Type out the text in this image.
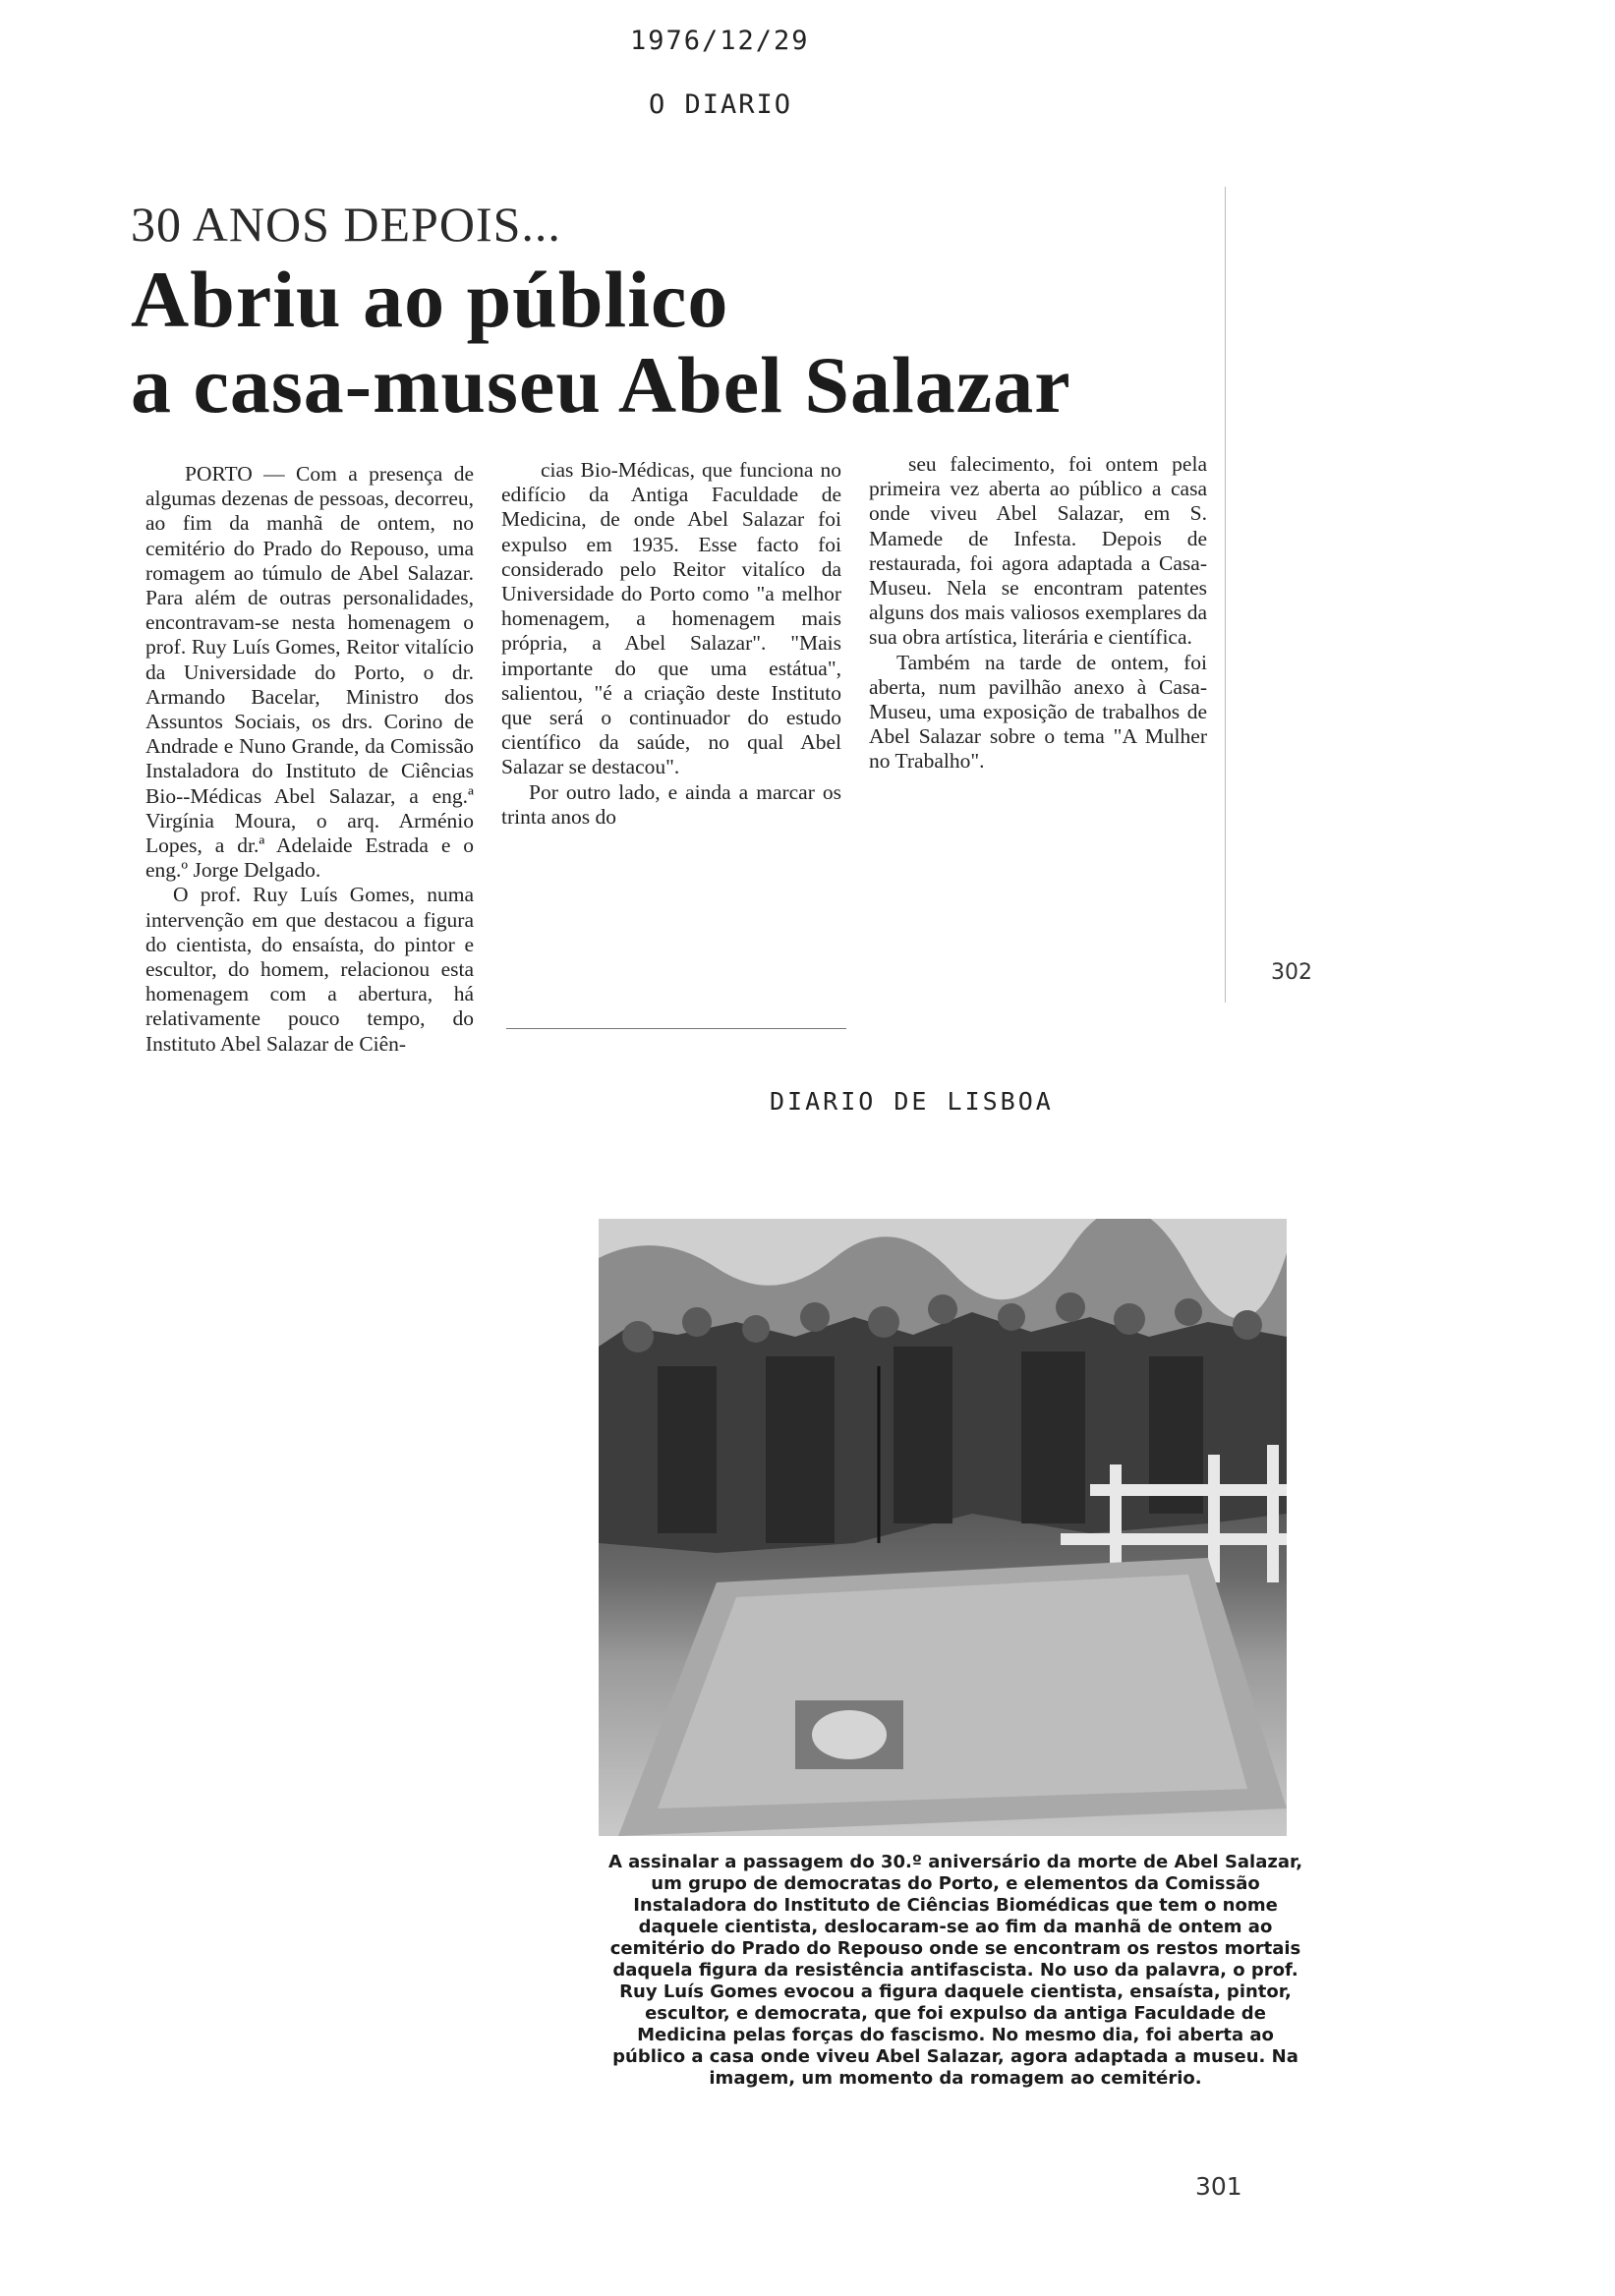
1976/12/29
O DIARIO
30 ANOS DEPOIS...
Abriu ao público
a casa-museu Abel Salazar

PORTO — Com a presença de algumas dezenas de pessoas, decorreu, ao fim da manhã de ontem, no cemitério do Prado do Repouso, uma romagem ao túmulo de Abel Salazar. Para além de outras personalidades, encontravam-se nesta homenagem o prof. Ruy Luís Gomes, Reitor vitalício da Universidade do Porto, o dr. Armando Bacelar, Ministro dos Assuntos Sociais, os drs. Corino de Andrade e Nuno Grande, da Comissão Instaladora do Instituto de Ciências Bio--Médicas Abel Salazar, a eng.ª Virgínia Moura, o arq. Arménio Lopes, a dr.ª Adelaide Estrada e o eng.º Jorge Delgado.

O prof. Ruy Luís Gomes, numa intervenção em que destacou a figura do cientista, do ensaísta, do pintor e escultor, do homem, relacionou esta homenagem com a abertura, há relativamente pouco tempo, do Instituto Abel Salazar de Ciên-

cias Bio-Médicas, que funciona no edifício da Antiga Faculdade de Medicina, de onde Abel Salazar foi expulso em 1935. Esse facto foi considerado pelo Reitor vitalíco da Universidade do Porto como "a melhor homenagem, a homenagem mais própria, a Abel Salazar". "Mais importante do que uma estátua", salientou, "é a criação deste Instituto que será o continuador do estudo científico da saúde, no qual Abel Salazar se destacou".

Por outro lado, e ainda a marcar os trinta anos do

seu falecimento, foi ontem pela primeira vez aberta ao público a casa onde viveu Abel Salazar, em S. Mamede de Infesta. Depois de restaurada, foi agora adaptada a Casa-Museu. Nela se encontram patentes alguns dos mais valiosos exemplares da sua obra artística, literária e científica.

Também na tarde de ontem, foi aberta, num pavilhão anexo à Casa-Museu, uma exposição de trabalhos de Abel Salazar sobre o tema "A Mulher no Trabalho".

302
DIARIO DE LISBOA
A assinalar a passagem do 30.º aniversário da morte de Abel Salazar, um grupo de democratas do Porto, e elementos da Comissão Instaladora do Instituto de Ciências Biomédicas que tem o nome daquele cientista, deslocaram-se ao fim da manhã de ontem ao cemitério do Prado do Repouso onde se encontram os restos mortais daquela figura da resistência antifascista. No uso da palavra, o prof. Ruy Luís Gomes evocou a figura daquele cientista, ensaísta, pintor, escultor, e democrata, que foi expulso da antiga Faculdade de Medicina pelas forças do fascismo. No mesmo dia, foi aberta ao público a casa onde viveu Abel Salazar, agora adaptada a museu. Na imagem, um momento da romagem ao cemitério.
301
